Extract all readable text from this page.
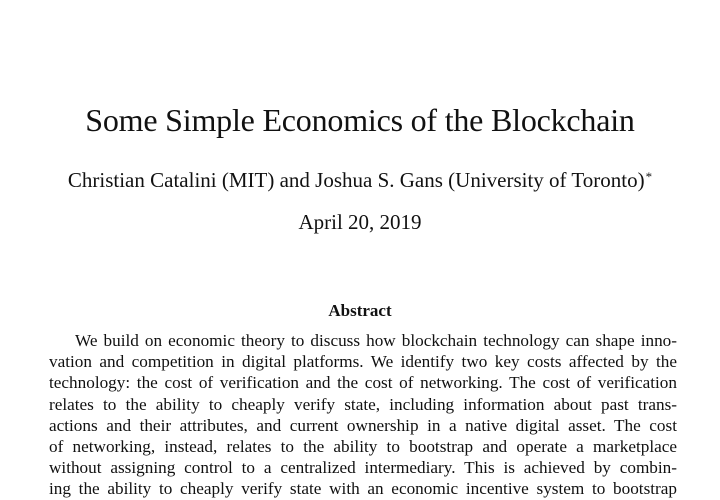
Some Simple Economics of the Blockchain
Christian Catalini (MIT) and Joshua S. Gans (University of Toronto)*
April 20, 2019
Abstract
We build on economic theory to discuss how blockchain technology can shape inno-
vation and competition in digital platforms. We identify two key costs affected by the
technology: the cost of verification and the cost of networking. The cost of verification
relates to the ability to cheaply verify state, including information about past trans-
actions and their attributes, and current ownership in a native digital asset. The cost
of networking, instead, relates to the ability to bootstrap and operate a marketplace
without assigning control to a centralized intermediary. This is achieved by combin-
ing the ability to cheaply verify state with an economic incentive system to bootstrap
